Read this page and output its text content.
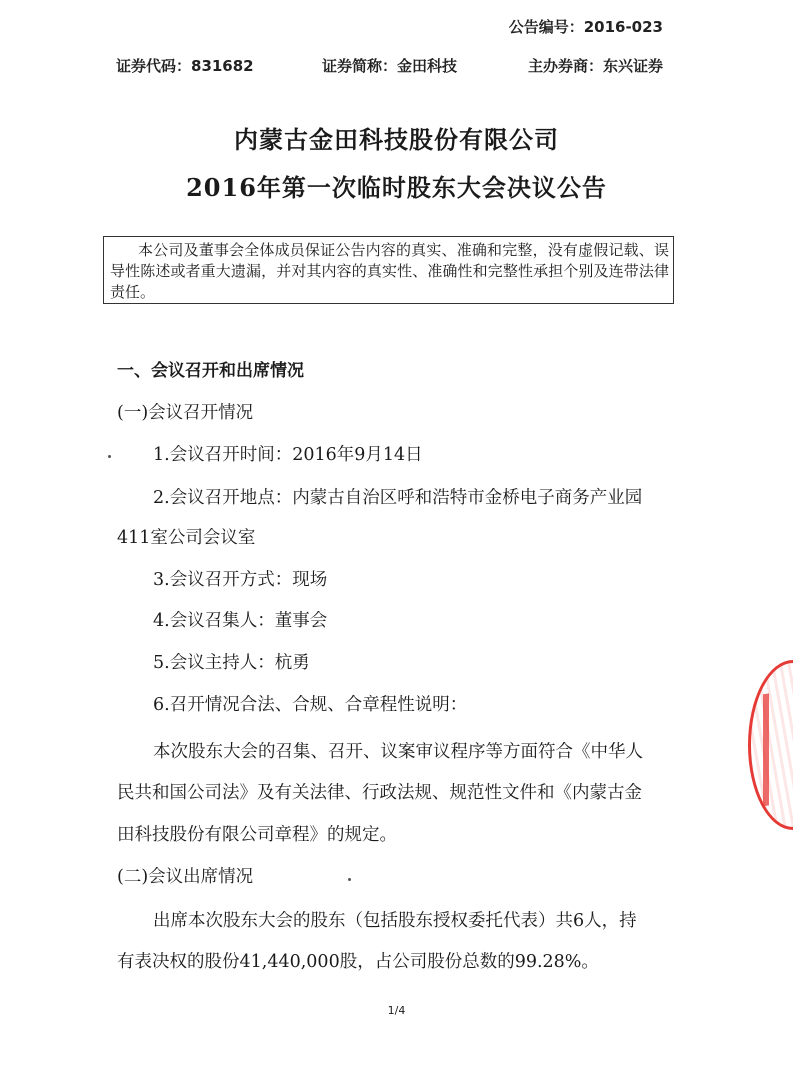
公告编号：2016-023
证券代码：831682	证券简称：金田科技	主办券商：东兴证券
内蒙古金田科技股份有限公司
2016年第一次临时股东大会决议公告

本公司及董事会全体成员保证公告内容的真实、准确和完整，没有虚假记载、误导性陈述或者重大遗漏，并对其内容的真实性、准确性和完整性承担个别及连带法律责任。

一、会议召开和出席情况
(一)会议召开情况
1.会议召开时间：2016年9月14日
2.会议召开地点：内蒙古自治区呼和浩特市金桥电子商务产业园
411室公司会议室
3.会议召开方式：现场
4.会议召集人：董事会
5.会议主持人：杭勇
6.召开情况合法、合规、合章程性说明：
本次股东大会的召集、召开、议案审议程序等方面符合《中华人
民共和国公司法》及有关法律、行政法规、规范性文件和《内蒙古金
田科技股份有限公司章程》的规定。
(二)会议出席情况
出席本次股东大会的股东（包括股东授权委托代表）共6人，持
有表决权的股份41,440,000股，占公司股份总数的99.28%。
1/4
